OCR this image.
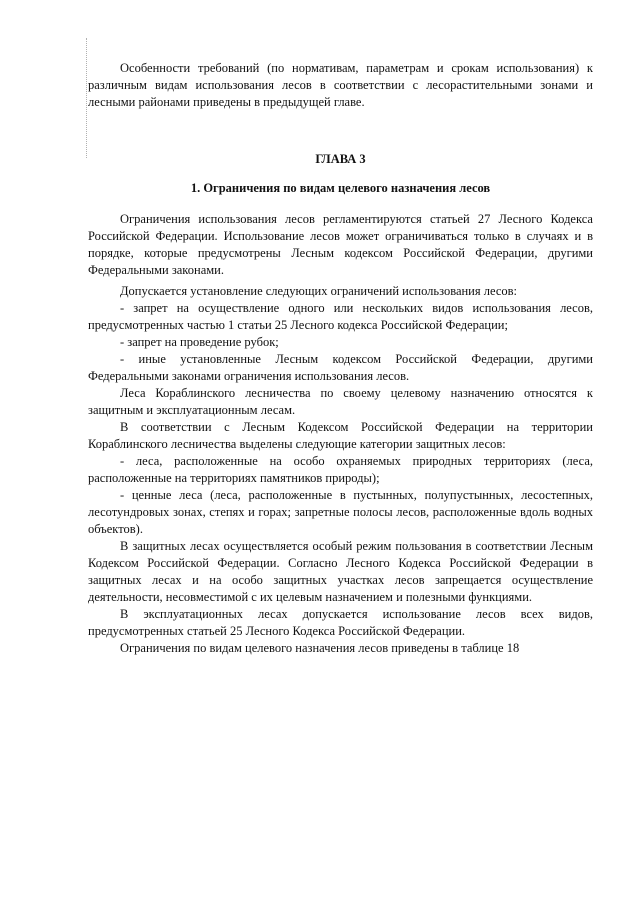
Особенности требований (по нормативам, параметрам и срокам использования) к различным видам использования лесов в соответствии с лесорастительными зонами и лесными районами приведены в предыдущей главе.

ГЛАВА 3

1. Ограничения по видам целевого назначения лесов

Ограничения использования лесов регламентируются статьей 27 Лесного Кодекса Российской Федерации. Использование лесов может ограничиваться только в случаях и в порядке, которые предусмотрены Лесным кодексом Российской Федерации, другими Федеральными законами.

Допускается установление следующих ограничений использования лесов:

- запрет на осуществление одного или нескольких видов использования лесов, предусмотренных частью 1 статьи 25 Лесного кодекса Российской Федерации;

- запрет на проведение рубок;

- иные установленные Лесным кодексом Российской Федерации, другими Федеральными законами ограничения использования лесов.

Леса Кораблинского лесничества по своему целевому назначению относятся к защитным и эксплуатационным лесам.

В соответствии с Лесным Кодексом Российской Федерации на территории Кораблинского лесничества выделены следующие категории защитных лесов:

- леса, расположенные на особо охраняемых природных территориях (леса, расположенные на территориях памятников природы);

- ценные леса (леса, расположенные в пустынных, полупустынных, лесостепных, лесотундровых зонах, степях и горах; запретные полосы лесов, расположенные вдоль водных объектов).

В защитных лесах осуществляется особый режим пользования в соответствии Лесным Кодексом Российской Федерации. Согласно Лесного Кодекса Российской Федерации в защитных лесах и на особо защитных участках лесов запрещается осуществление деятельности, несовместимой с их целевым назначением и полезными функциями.

В эксплуатационных лесах допускается использование лесов всех видов, предусмотренных статьей 25 Лесного Кодекса Российской Федерации.

Ограничения по видам целевого назначения лесов приведены в таблице 18
